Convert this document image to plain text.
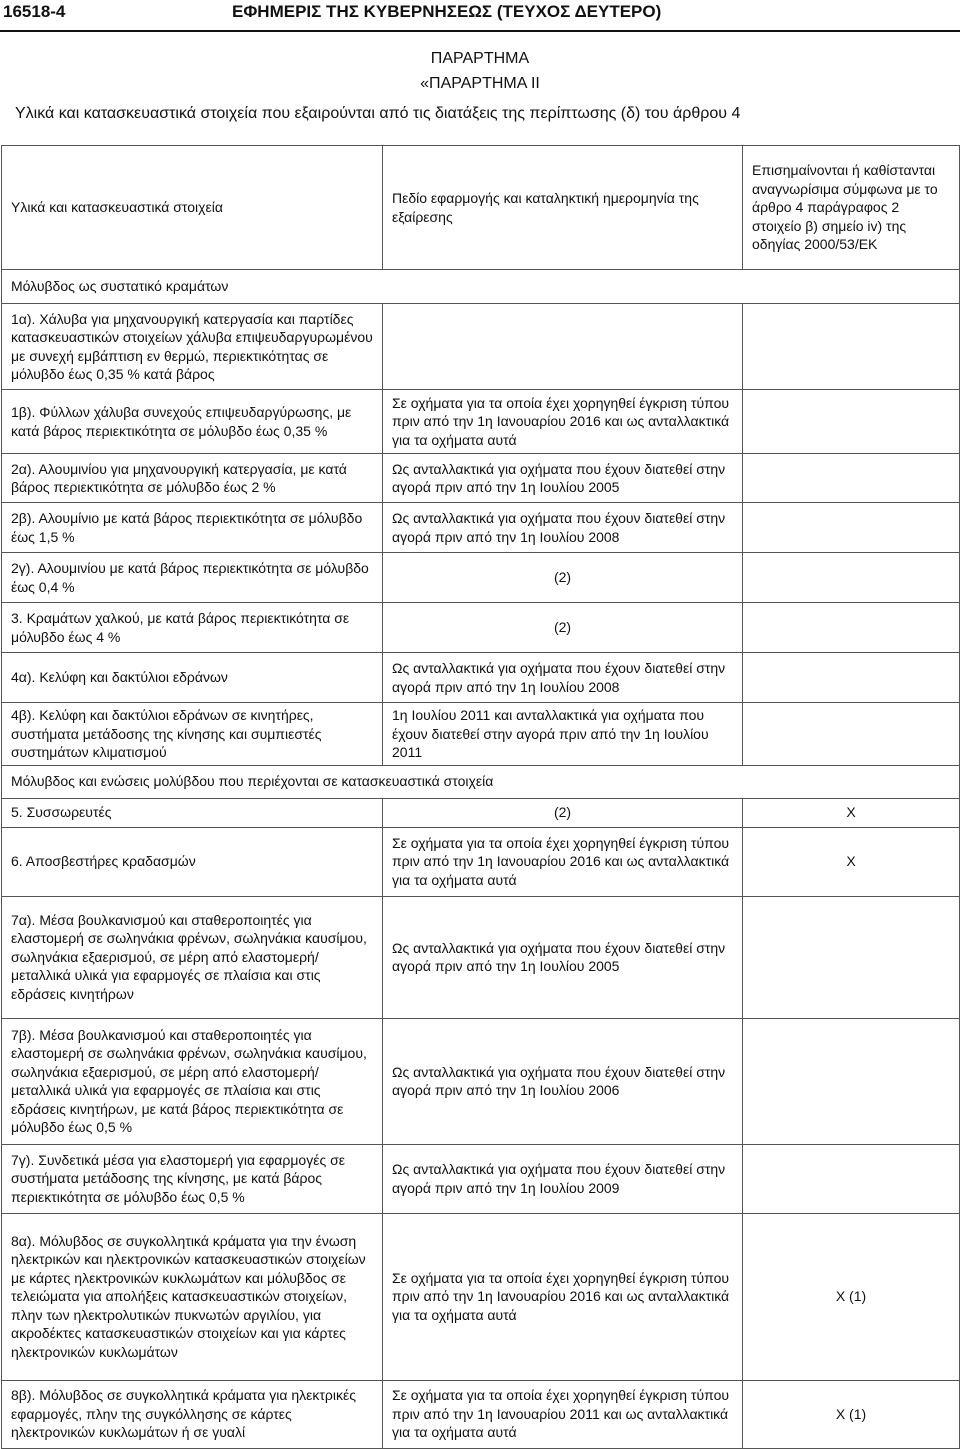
16518-4	ΕΦΗΜΕΡΙΣ ΤΗΣ ΚΥΒΕΡΝΗΣΕΩΣ (ΤΕΥΧΟΣ ΔΕΥΤΕΡΟ)
ΠΑΡΑΡΤΗΜΑ
«ΠΑΡΑΡΤΗΜΑ ΙΙ
Υλικά και κατασκευαστικά στοιχεία που εξαιρούνται από τις διατάξεις της περίπτωσης (δ) του άρθρου 4
Υλικά και κατασκευαστικά στοιχεία	Πεδίο εφαρμογής και καταληκτική ημερομηνία της εξαίρεσης	Επισημαίνονται ή καθίστανται αναγνωρίσιμα σύμφωνα με το άρθρο 4 παράγραφος 2 στοιχείο β) σημείο iv) της οδηγίας 2000/53/ΕΚ
Μόλυβδος ως συστατικό κραμάτων		
1α). Χάλυβα για μηχανουργική κατεργασία και παρτίδες κατασκευαστικών στοιχείων χάλυβα επιψευδαργυρωμένου με συνεχή εμβάπτιση εν θερμώ, περιεκτικότητας σε μόλυβδο έως 0,35 % κατά βάρος		
1β). Φύλλων χάλυβα συνεχούς επιψευδαργύρωσης, με κατά βάρος περιεκτικότητα σε μόλυβδο έως 0,35 %	Σε οχήματα για τα οποία έχει χορηγηθεί έγκριση τύπου πριν από την 1η Ιανουαρίου 2016 και ως ανταλλακτικά για τα οχήματα αυτά	
2α). Αλουμινίου για μηχανουργική κατεργασία, με κατά βάρος περιεκτικότητα σε μόλυβδο έως 2 %	Ως ανταλλακτικά για οχήματα που έχουν διατεθεί στην αγορά πριν από την 1η Ιουλίου 2005	
2β). Αλουμίνιο με κατά βάρος περιεκτικότητα σε μόλυβδο έως 1,5 %	Ως ανταλλακτικά για οχήματα που έχουν διατεθεί στην αγορά πριν από την 1η Ιουλίου 2008	
2γ). Αλουμινίου με κατά βάρος περιεκτικότητα σε μόλυβδο έως 0,4 %	(2)	
3. Κραμάτων χαλκού, με κατά βάρος περιεκτικότητα σε μόλυβδο έως 4 %	(2)	
4α). Κελύφη και δακτύλιοι εδράνων	Ως ανταλλακτικά για οχήματα που έχουν διατεθεί στην αγορά πριν από την 1η Ιουλίου 2008	
4β). Κελύφη και δακτύλιοι εδράνων σε κινητήρες, συστήματα μετάδοσης της κίνησης και συμπιεστές συστημάτων κλιματισμού	1η Ιουλίου 2011 και ανταλλακτικά για οχήματα που έχουν διατεθεί στην αγορά πριν από την 1η Ιουλίου 2011	
Μόλυβδος και ενώσεις μολύβδου που περιέχονται σε κατασκευαστικά στοιχεία		
5. Συσσωρευτές	(2)	X
6. Αποσβεστήρες κραδασμών	Σε οχήματα για τα οποία έχει χορηγηθεί έγκριση τύπου πριν από την 1η Ιανουαρίου 2016 και ως ανταλλακτικά για τα οχήματα αυτά	X
7α). Μέσα βουλκανισμού και σταθεροποιητές για ελαστομερή σε σωληνάκια φρένων, σωληνάκια καυσίμου, σωληνάκια εξαερισμού, σε μέρη από ελαστομερή/μεταλλικά υλικά για εφαρμογές σε πλαίσια και στις εδράσεις κινητήρων	Ως ανταλλακτικά για οχήματα που έχουν διατεθεί στην αγορά πριν από την 1η Ιουλίου 2005	
7β). Μέσα βουλκανισμού και σταθεροποιητές για ελαστομερή σε σωληνάκια φρένων, σωληνάκια καυσίμου, σωληνάκια εξαερισμού, σε μέρη από ελαστομερή/μεταλλικά υλικά για εφαρμογές σε πλαίσια και στις εδράσεις κινητήρων, με κατά βάρος περιεκτικότητα σε μόλυβδο έως 0,5 %	Ως ανταλλακτικά για οχήματα που έχουν διατεθεί στην αγορά πριν από την 1η Ιουλίου 2006	
7γ). Συνδετικά μέσα για ελαστομερή για εφαρμογές σε συστήματα μετάδοσης της κίνησης, με κατά βάρος περιεκτικότητα σε μόλυβδο έως 0,5 %	Ως ανταλλακτικά για οχήματα που έχουν διατεθεί στην αγορά πριν από την 1η Ιουλίου 2009	
8α). Μόλυβδος σε συγκολλητικά κράματα για την ένωση ηλεκτρικών και ηλεκτρονικών κατασκευαστικών στοιχείων με κάρτες ηλεκτρονικών κυκλωμάτων και μόλυβδος σε τελειώματα για απολήξεις κατασκευαστικών στοιχείων, πλην των ηλεκτρολυτικών πυκνωτών αργιλίου, για ακροδέκτες κατασκευαστικών στοιχείων και για κάρτες ηλεκτρονικών κυκλωμάτων	Σε οχήματα για τα οποία έχει χορηγηθεί έγκριση τύπου πριν από την 1η Ιανουαρίου 2016 και ως ανταλλακτικά για τα οχήματα αυτά	X (1)
8β). Μόλυβδος σε συγκολλητικά κράματα για ηλεκτρικές εφαρμογές, πλην της συγκόλλησης σε κάρτες ηλεκτρονικών κυκλωμάτων ή σε γυαλί	Σε οχήματα για τα οποία έχει χορηγηθεί έγκριση τύπου πριν από την 1η Ιανουαρίου 2011 και ως ανταλλακτικά για τα οχήματα αυτά	X (1)
